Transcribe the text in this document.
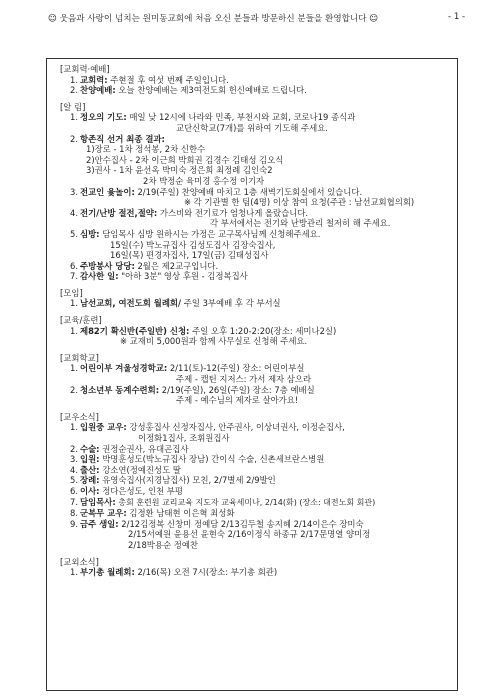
☺ 웃음과 사랑이 넘치는 원미동교회에 처음 오신 분들과 방문하신 분들을 환영합니다 ☺	- 1 -
[교회력·예배]
1. 교회력: 주현절 후 여섯 번째 주일입니다.
2. 찬양예배: 오늘 찬양예배는 제3여전도회 헌신예배로 드립니다.
[알 림]
1. 정오의 기도: 매일 낮 12시에 나라와 민족, 부천시와 교회, 코로나19 종식과
교단신학교(7개)를 위하여 기도해 주세요.
2. 항존직 선거 최종 결과:
1)장로 - 1차 정석봉, 2차 신한수
2)안수집사 - 2차 이근희 박희권 김경수 김태성 김오식
3)권사 - 1차 윤선옥 박미숙 정은희 최정례 김인숙2
2차 박정순 육미경 홍수정 이기자
3. 전교인 윷놀이: 2/19(주일) 찬양예배 마치고 1층 새벽기도회실에서 있습니다.
※ 각 기관별 한 팀(4명) 이상 참여 요청(주관 : 남선교회협의회)
4. 전기/난방 절전,절약: 가스비와 전기료가 엄청나게 올랐습니다.
각 부서에서는 전기와 난방관리 철저히 해 주세요.
5. 심방: 담임목사 심방 원하시는 가정은 교구목사님께 신청해주세요.
15일(수) 박노규집사 김성도집사 김장숙집사,
16일(목) 편경자집사, 17일(금) 김태성집사
6. 주방봉사 당당: 2월은 제2교구입니다.
7. 감사한 일: "아하 3분" 영상 후원 - 김정복집사
[모임]
1. 남선교회, 여전도회 월례회/ 주일 3부예배 후 각 부서실
[교육/훈련]
1. 제82기 확신반(주일반) 신청: 주일 오후 1:20-2:20(장소: 세미나2실)
※ 교재비 5,000원과 함께 사무실로 신청해 주세요.
[교회학교]
1. 어린이부 겨울성경학교: 2/11(토)-12(주일) 장소: 어린이부실
주제 - 캡틴 지저스: 가서 제자 삼으라
2. 청소년부 동계수련회: 2/19(주일), 26일(주일) 장소: 7층 예배실
주제 - 예수님의 제자로 살아가요!
[교우소식]
1. 입원중 교우: 강성홍집사 신정자집사, 안주권사, 이상녀권사, 이정순집사,
이정화1집사, 조휘원집사
2. 수술: 권정순권사, 유대곤집사
3. 입원: 박명훈성도(박노규집사 장남) 간이식 수술, 신촌세브란스병원
4. 출산: 강소연(정예진성도 딸
5. 장례: 유영숙집사(지경남집사) 모친, 2/7별세 2/9발인
6. 이사: 정다은성도, 인천 부평
7. 담임목사: 총회 훈련원 교리교육 지도자 교육세미나, 2/14(화) (장소: 대전노회 회관)
8. 군복무 교우: 김정환 남태현 이은혁 최성화
9. 금주 생일: 2/12김정복 신창미 정예담 2/13김두철 송지혜 2/14이은수 장미숙
2/15서예원 윤용선 윤현숙 2/16이정식 하종규 2/17문명열 양미정
2/18박용순 정예찬
[교외소식]
1. 부기총 월례회: 2/16(목) 오전 7시(장소: 부기총 회관)
